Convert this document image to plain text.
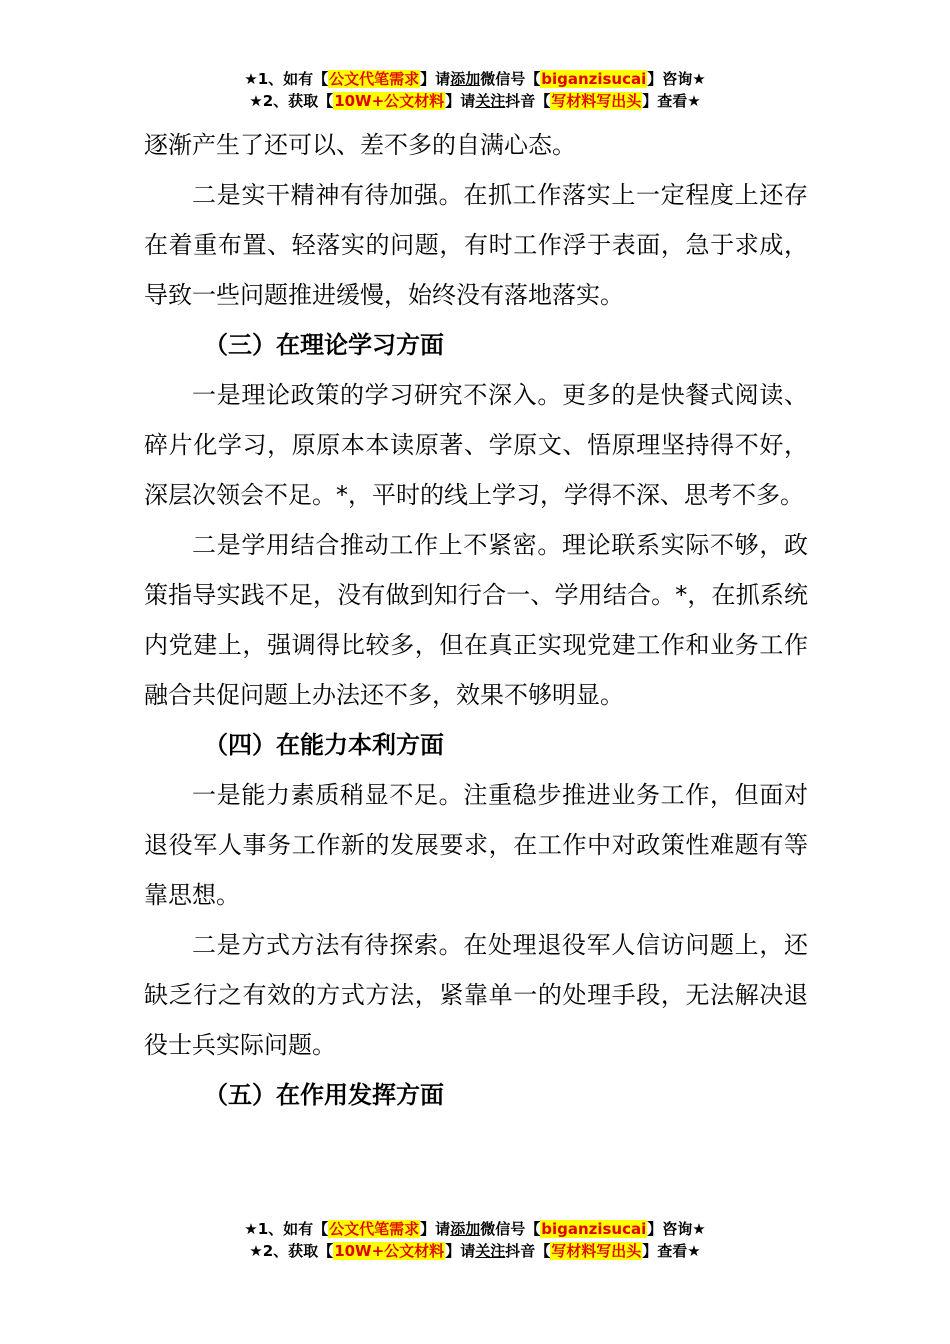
★1、如有【公文代笔需求】请添加微信号【biganzisucai】咨询★
★2、获取【10W+公文材料】请关注抖音【写材料写出头】查看★

逐渐产生了还可以、差不多的自满心态。

二是实干精神有待加强。在抓工作落实上一定程度上还存在着重布置、轻落实的问题，有时工作浮于表面，急于求成，导致一些问题推进缓慢，始终没有落地落实。

（三）在理论学习方面

一是理论政策的学习研究不深入。更多的是快餐式阅读、碎片化学习，原原本本读原著、学原文、悟原理坚持得不好，深层次领会不足。*，平时的线上学习，学得不深、思考不多。

二是学用结合推动工作上不紧密。理论联系实际不够，政策指导实践不足，没有做到知行合一、学用结合。*，在抓系统内党建上，强调得比较多，但在真正实现党建工作和业务工作融合共促问题上办法还不多，效果不够明显。

（四）在能力本利方面

一是能力素质稍显不足。注重稳步推进业务工作，但面对退役军人事务工作新的发展要求，在工作中对政策性难题有等靠思想。

二是方式方法有待探索。在处理退役军人信访问题上，还缺乏行之有效的方式方法，紧靠单一的处理手段，无法解决退役士兵实际问题。

（五）在作用发挥方面

★1、如有【公文代笔需求】请添加微信号【biganzisucai】咨询★
★2、获取【10W+公文材料】请关注抖音【写材料写出头】查看★
